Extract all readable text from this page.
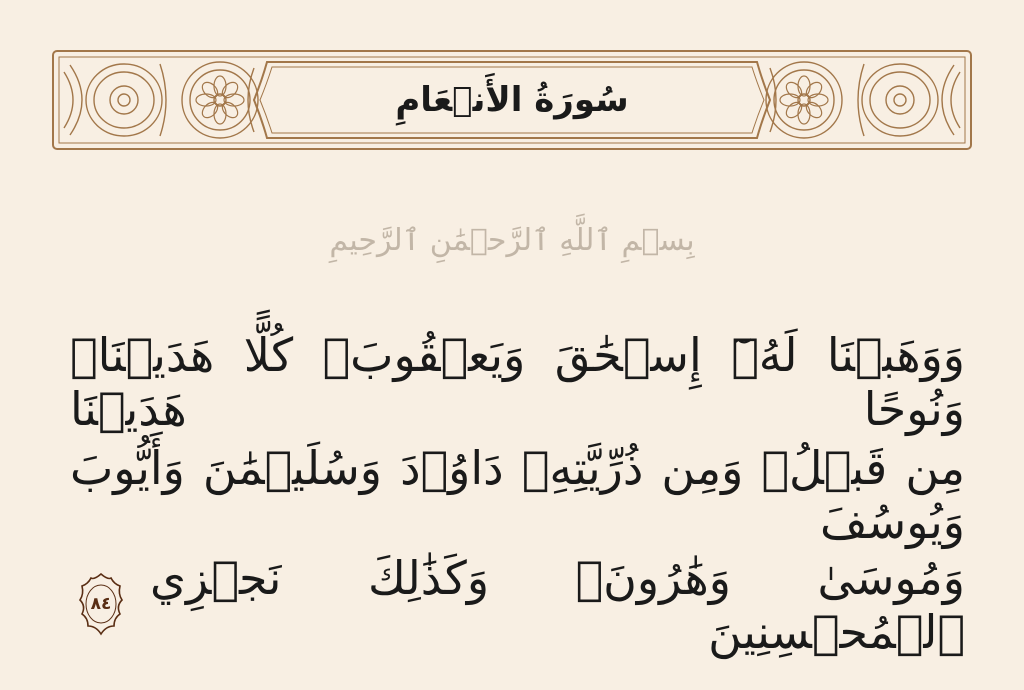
سُورَةُ الأَنۡعَامِ
بِسۡمِ ٱللَّهِ ٱلرَّحۡمَٰنِ ٱلرَّحِيمِ
وَوَهَبۡنَا لَهُۥٓ إِسۡحَٰقَ وَيَعۡقُوبَۚ كُلًّا هَدَيۡنَاۚ وَنُوحًا هَدَيۡنَا
مِن قَبۡلُۖ وَمِن ذُرِّيَّتِهِۦ دَاوُۥدَ وَسُلَيۡمَٰنَ وَأَيُّوبَ وَيُوسُفَ
وَمُوسَىٰ وَهَٰرُونَۚ وَكَذَٰلِكَ نَجۡزِي ٱلۡمُحۡسِنِينَ
٨٤
